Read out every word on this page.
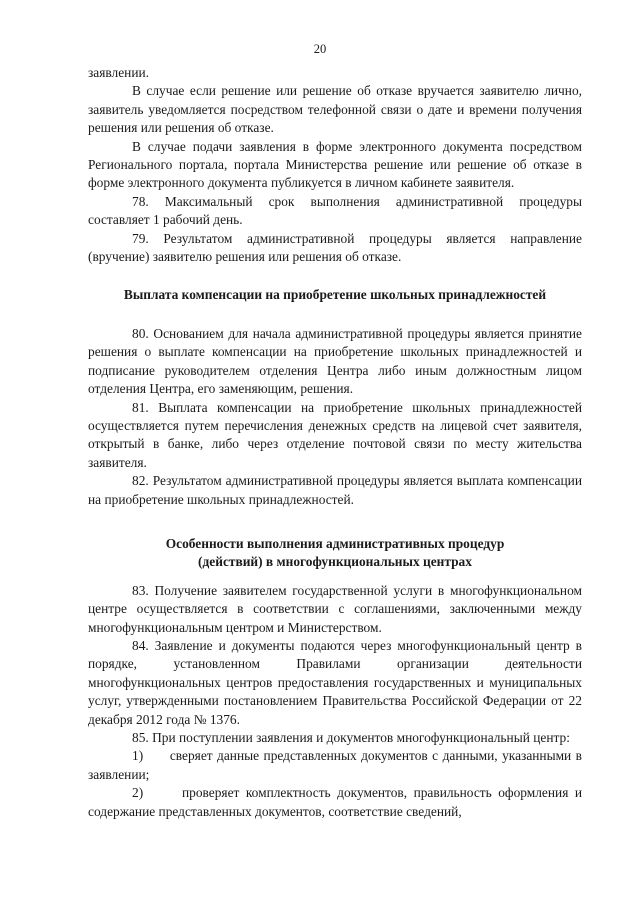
20

заявлении.

В случае если решение или решение об отказе вручается заявителю лично, заявитель уведомляется посредством телефонной связи о дате и времени получения решения или решения об отказе.

В случае подачи заявления в форме электронного документа посредством Регионального портала, портала Министерства решение или решение об отказе в форме электронного документа публикуется в личном кабинете заявителя.

78. Максимальный срок выполнения административной процедуры составляет 1 рабочий день.

79. Результатом административной процедуры является направление (вручение) заявителю решения или решения об отказе.

Выплата компенсации на приобретение школьных принадлежностей

80. Основанием для начала административной процедуры является принятие решения о выплате компенсации на приобретение школьных принадлежностей и подписание руководителем отделения Центра либо иным должностным лицом отделения Центра, его заменяющим, решения.

81. Выплата компенсации на приобретение школьных принадлежностей осуществляется путем перечисления денежных средств на лицевой счет заявителя, открытый в банке, либо через отделение почтовой связи по месту жительства заявителя.

82. Результатом административной процедуры является выплата компенсации на приобретение школьных принадлежностей.

Особенности выполнения административных процедур
(действий) в многофункциональных центрах

83. Получение заявителем государственной услуги в многофункциональном центре осуществляется в соответствии с соглашениями, заключенными между многофункциональным центром и Министерством.

84. Заявление и документы подаются через многофункциональный центр в порядке, установленном Правилами организации деятельности многофункциональных центров предоставления государственных и муниципальных услуг, утвержденными постановлением Правительства Российской Федерации от 22 декабря 2012 года № 1376.

85. При поступлении заявления и документов многофункциональный центр:

1) сверяет данные представленных документов с данными, указанными в заявлении;

2)	проверяет комплектность документов, правильность оформления и содержание представленных документов, соответствие сведений,
